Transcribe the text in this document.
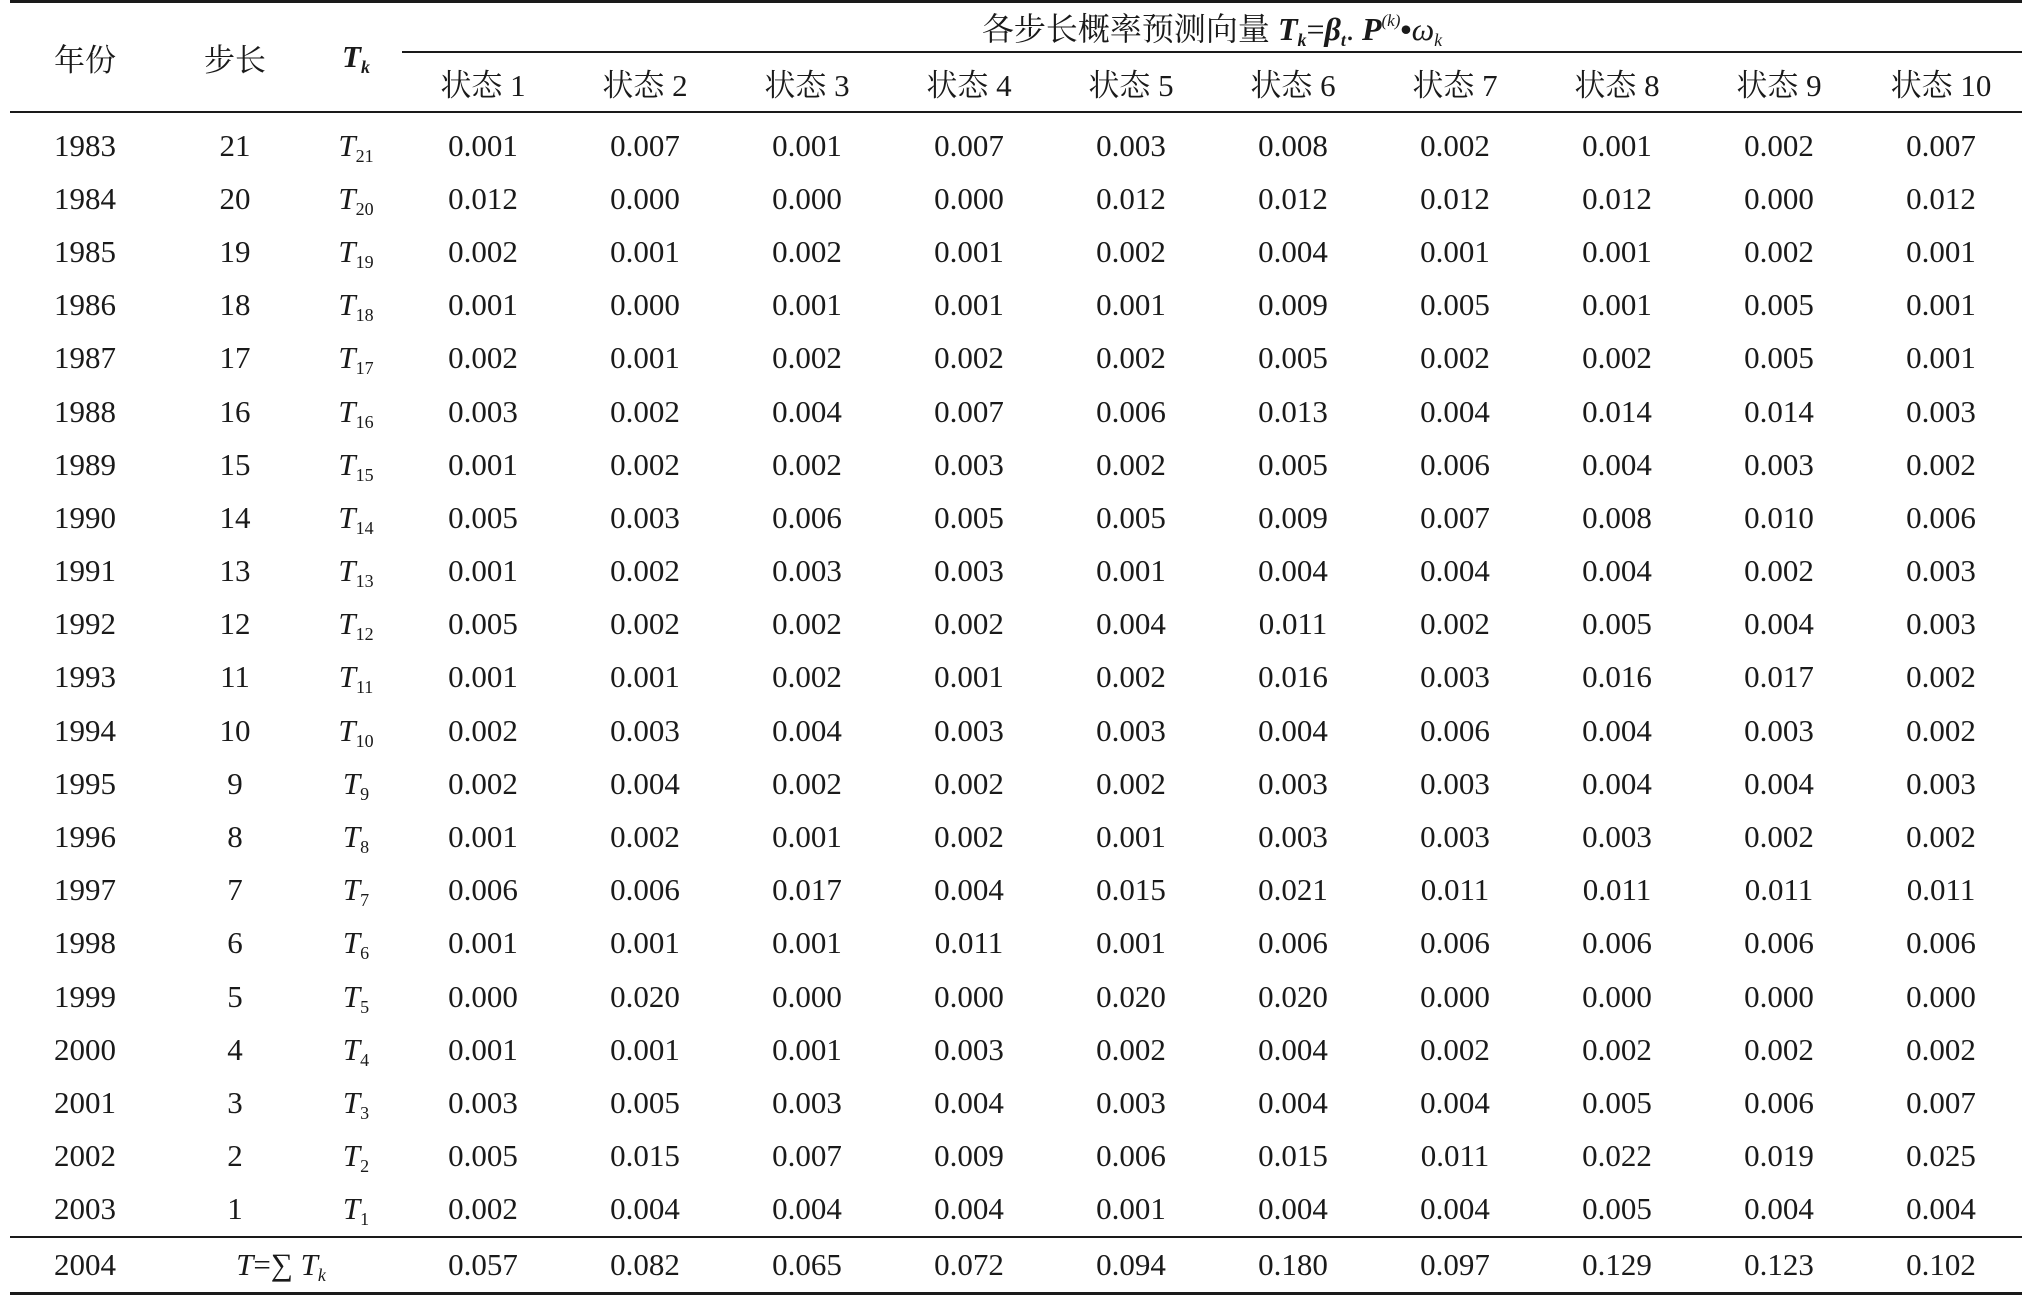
年份	步长	$T_k$	各步长概率预测向量 $T_k=\beta_t$. $P^{(k)}•\omega_k$
			状态 1	状态 2	状态 3	状态 4	状态 5	状态 6	状态 7	状态 8	状态 9	状态 10
1983	21	$T_{21}$	0.001	0.007	0.001	0.007	0.003	0.008	0.002	0.001	0.002	0.007
1984	20	$T_{20}$	0.012	0.000	0.000	0.000	0.012	0.012	0.012	0.012	0.000	0.012
1985	19	$T_{19}$	0.002	0.001	0.002	0.001	0.002	0.004	0.001	0.001	0.002	0.001
1986	18	$T_{18}$	0.001	0.000	0.001	0.001	0.001	0.009	0.005	0.001	0.005	0.001
1987	17	$T_{17}$	0.002	0.001	0.002	0.002	0.002	0.005	0.002	0.002	0.005	0.001
1988	16	$T_{16}$	0.003	0.002	0.004	0.007	0.006	0.013	0.004	0.014	0.014	0.003
1989	15	$T_{15}$	0.001	0.002	0.002	0.003	0.002	0.005	0.006	0.004	0.003	0.002
1990	14	$T_{14}$	0.005	0.003	0.006	0.005	0.005	0.009	0.007	0.008	0.010	0.006
1991	13	$T_{13}$	0.001	0.002	0.003	0.003	0.001	0.004	0.004	0.004	0.002	0.003
1992	12	$T_{12}$	0.005	0.002	0.002	0.002	0.004	0.011	0.002	0.005	0.004	0.003
1993	11	$T_{11}$	0.001	0.001	0.002	0.001	0.002	0.016	0.003	0.016	0.017	0.002
1994	10	$T_{10}$	0.002	0.003	0.004	0.003	0.003	0.004	0.006	0.004	0.003	0.002
1995	9	$T_9$	0.002	0.004	0.002	0.002	0.002	0.003	0.003	0.004	0.004	0.003
1996	8	$T_8$	0.001	0.002	0.001	0.002	0.001	0.003	0.003	0.003	0.002	0.002
1997	7	$T_7$	0.006	0.006	0.017	0.004	0.015	0.021	0.011	0.011	0.011	0.011
1998	6	$T_6$	0.001	0.001	0.001	0.011	0.001	0.006	0.006	0.006	0.006	0.006
1999	5	$T_5$	0.000	0.020	0.000	0.000	0.020	0.020	0.000	0.000	0.000	0.000
2000	4	$T_4$	0.001	0.001	0.001	0.003	0.002	0.004	0.002	0.002	0.002	0.002
2001	3	$T_3$	0.003	0.005	0.003	0.004	0.003	0.004	0.004	0.005	0.006	0.007
2002	2	$T_2$	0.005	0.015	0.007	0.009	0.006	0.015	0.011	0.022	0.019	0.025
2003	1	$T_1$	0.002	0.004	0.004	0.004	0.001	0.004	0.004	0.005	0.004	0.004
2004	T=∑ $T_k$		0.057	0.082	0.065	0.072	0.094	0.180	0.097	0.129	0.123	0.102
